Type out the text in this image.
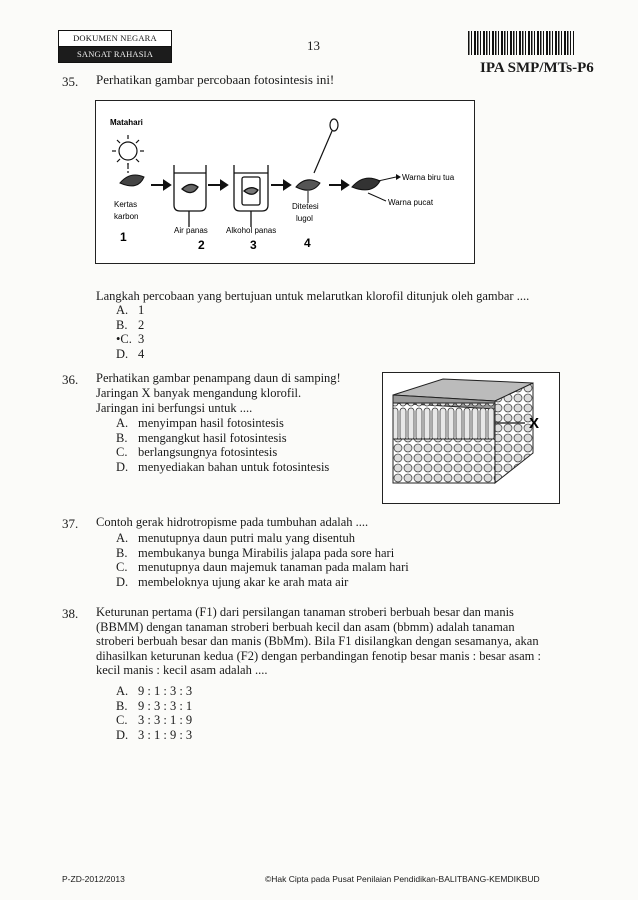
DOKUMEN NEGARA
SANGAT RAHASIA
13
IPA SMP/MTs-P6
35. Perhatikan gambar percobaan fotosintesis ini!
Matahari
Kertas
karbon
Air panas Alkohol panas
Ditetesi
lugol
Warna biru tua
Warna pucat
1
2	3	4
Langkah percobaan yang bertujuan untuk melarutkan klorofil ditunjuk oleh gambar ....
A. 1
B. 2
•C. 3
D. 4
36. Perhatikan gambar penampang daun di samping!
Jaringan X banyak mengandung klorofil.
Jaringan ini berfungsi untuk ....
A. menyimpan hasil fotosintesis
B. mengangkut hasil fotosintesis
C. berlangsungnya fotosintesis
D. menyediakan bahan untuk fotosintesis
X
37. Contoh gerak hidrotropisme pada tumbuhan adalah ....
A. menutupnya daun putri malu yang disentuh
B. membukanya bunga Mirabilis jalapa pada sore hari
C. menutupnya daun majemuk tanaman pada malam hari
D. membeloknya ujung akar ke arah mata air
38. Keturunan pertama (F1) dari persilangan tanaman stroberi berbuah besar dan manis
(BBMM) dengan tanaman stroberi berbuah kecil dan asam (bbmm) adalah tanaman
stroberi berbuah besar dan manis (BbMm). Bila F1 disilangkan dengan sesamanya, akan
dihasilkan keturunan kedua (F2) dengan perbandingan fenotip besar manis : besar asam :
kecil manis : kecil asam adalah ....
A. 9 : 1 : 3 : 3
B. 9 : 3 : 3 : 1
C. 3 : 3 : 1 : 9
D. 3 : 1 : 9 : 3
P-ZD-2012/2013	©Hak Cipta pada Pusat Penilaian Pendidikan-BALITBANG-KEMDIKBUD
